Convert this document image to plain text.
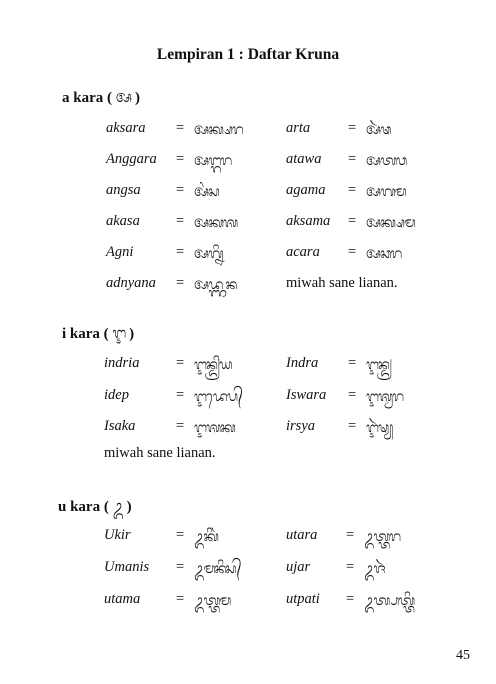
Lempiran 1 : Daftar Kruna
a kara ( ᬅ )
aksara = ᬅᬓ᭄ᬱᬭ	arta	= ᬅᬃᬣ
Anggara = ᬅᬗ᭄ᬕᬭ	atawa = ᬅᬢᬯ
angsa = ᬅᬂᬲ	agama = ᬅᬕᬫ
akasa = ᬅᬓᬰ	aksama = ᬅᬓ᭄ᬱᬫ
Agni	= ᬅᬕ᭄ᬦᬶ	acara = ᬅᬘᬭ
adnyana = ᬅᬤ᭄ᬜᬦ	miwah sane lianan.
i kara ( ᬇ )
indria	= ᬇᬦ᭄ᬤ᭄ᬭᬶᬬ	Indra = ᬇᬦ᭄ᬤ᭄ᬭ
idep	= ᬇᬤᬾᬧ᭄	Iswara = ᬇᬰ᭄ᬯᬭ
Isaka	= ᬇᬰᬓ	irsya = ᬇᬃᬱ᭄ᬬ
miwah sane lianan.
u kara ( ᬉ )
Ukir	= ᬉᬓᬶᬃ	utara = ᬉᬢ᭄ᬢᬭ
Umanis = ᬉᬫᬦᬶᬲ᭄	ujar = ᬉᬚᬃ
utama = ᬉᬢ᭄ᬢᬫ	utpati = ᬉᬢ᭄ᬧᬢ᭄ᬢᬶ
45
